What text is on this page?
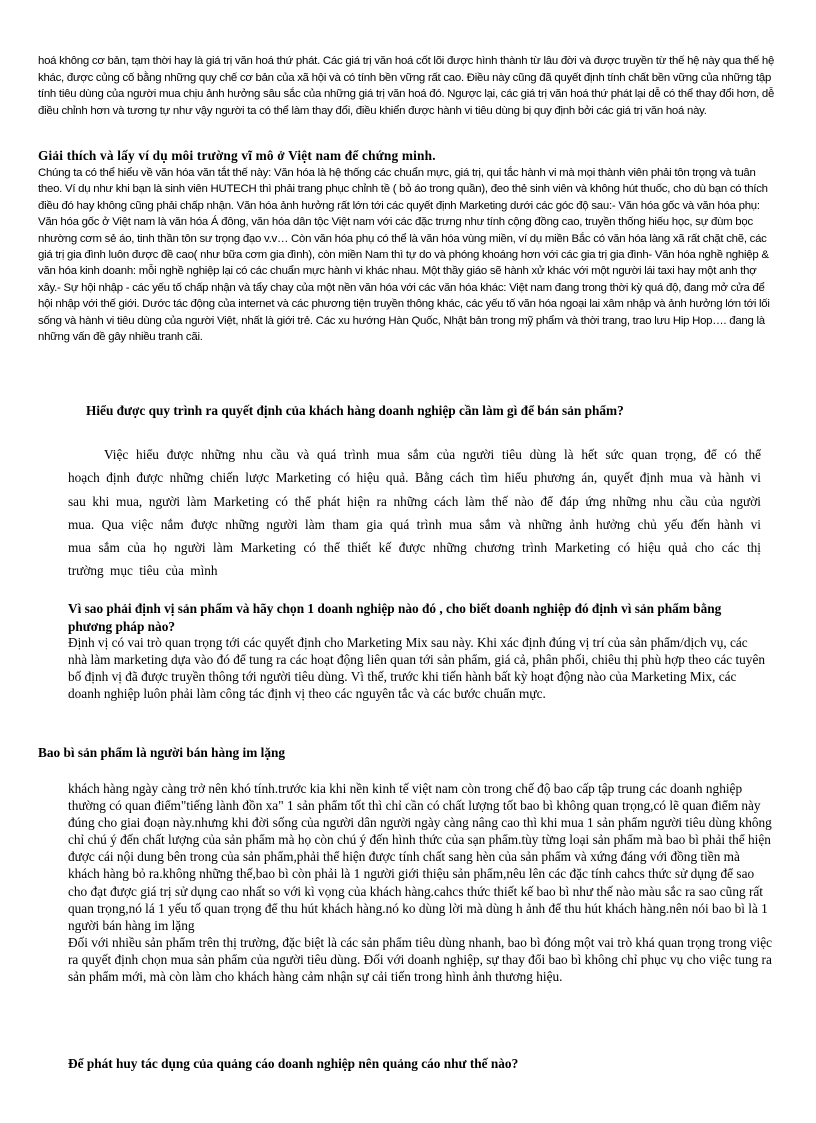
hoá không cơ bản, tạm thời hay là giá trị văn hoá thứ phát. Các giá trị văn hoá cốt lõi được hình thành từ lâu đời và được truyền từ thế hệ này qua thế hệ khác, được củng cố bằng những quy chế cơ bản của xã hội và có tính bền vững rất cao. Điều này cũng đã quyết định tính chất bền vững của những tập tính tiêu dùng của người mua chịu ảnh hưởng sâu sắc của những giá trị văn hoá đó. Ngược lại, các giá trị văn hoá thứ phát lại dễ có thể thay đổi hơn, dễ điều chỉnh hơn và tương tự như vậy người ta có thể làm thay đổi, điều khiển được hành vi tiêu dùng bị quy định bởi các giá trị văn hoá này.

Giải thích và lấy ví dụ môi trường vĩ mô ở Việt nam để chứng minh.

Chúng ta có thể hiểu về văn hóa văn tắt thế này: Văn hóa là hệ thống các chuẩn mực, giá trị, qui tắc hành vi mà mọi thành viên phải tôn trọng và tuân theo. Ví dụ như khi bạn là sinh viên HUTECH thì phải trang phục chỉnh tề ( bỏ áo trong quần), đeo thẻ sinh viên và không hút thuốc, cho dù bạn có thích điều đó hay không cũng phải chấp nhận. Văn hóa ảnh hưởng rất lớn tới các quyết định Marketing dưới các góc độ sau:- Văn hóa gốc và văn hóa phụ: Văn hóa gốc ở Việt nam là văn hóa Á đông, văn hóa dân tộc Việt nam với các đặc trưng như tính cộng đồng cao, truyền thống hiếu học, sự đùm bọc nhường cơm sẻ áo, tinh thần tôn sư trọng đạo v.v… Còn văn hóa phụ có thể là văn hóa vùng miền, ví dụ miền Bắc có văn hóa làng xã rất chặt chẽ, các giá trị gia đình luôn được đề cao( như bữa cơm gia đình), còn miền Nam thì tự do và phóng khoáng hơn với các gia trị gia đình- Văn hóa nghề nghiệp & văn hóa kinh doanh: mỗi nghề nghiệp lại có các chuẩn mực hành vi khác nhau. Một thầy giáo sẽ hành xử khác với một người lái taxi hay một anh thợ xây.- Sự hội nhập - các yếu tố chấp nhận và tẩy chay của một nền văn hóa với các văn hóa khác: Việt nam đang trong thời kỳ quá độ, đang mở cửa để hội nhập với thế giới. Dước tác động của internet và các phương tiện truyền thông khác, các yếu tố văn hóa ngoại lai xâm nhập và ảnh hưởng lớn tới lối sống và hành vi tiêu dùng của người Việt, nhất là giới trẻ. Các xu hướng Hàn Quốc, Nhật bản trong mỹ phẩm và thời trang, trao lưu Hip Hop…. đang là những vấn đề gây nhiều tranh cãi.

Hiểu được quy trình ra quyết định của khách hàng doanh nghiệp cần làm gì để bán sản phẩm?

Việc hiểu được những nhu cầu và quá trình mua sắm của người tiêu dùng là hết sức quan trọng, để có thể hoạch định được những chiến lược Marketing có hiệu quả. Bằng cách tìm hiểu phương án, quyết định mua và hành vi sau khi mua, người làm Marketing có thể phát hiện ra những cách làm thế nào để đáp ứng những nhu cầu của người mua. Qua việc nắm được những người làm tham gia quá trình mua sắm và những ảnh hưởng chủ yếu đến hành vi mua sắm của họ người làm Marketing có thể thiết kế được những chương trình Marketing có hiệu quả cho các thị trường mục tiêu của mình

Vì sao phải định vị sản phẩm và hãy chọn 1 doanh nghiệp nào đó , cho biết doanh nghiệp đó định vì sản phẩm bằng phương pháp nào?

Định vị có vai trò quan trọng tới các quyết định cho Marketing Mix sau này. Khi xác định đúng vị trí của sản phẩm/dịch vụ, các nhà làm marketing dựa vào đó để tung ra các hoạt động liên quan tới sản phẩm, giá cả, phân phối, chiêu thị phù hợp theo các tuyên bố định vị đã được truyền thông tới người tiêu dùng. Vì thế, trước khi tiến hành bất kỳ hoạt động nào của Marketing Mix, các doanh nghiệp luôn phải làm công tác định vị theo các nguyên tắc và các bước chuẩn mực.

Bao bì sản phẩm là người bán hàng im lặng

khách hàng ngày càng trở nên khó tính.trước kia khi nền kinh tế việt nam còn trong chế độ bao cấp tập trung các doanh nghiệp thường có quan điểm"tiếng lành đồn xa" 1 sản phẩm tốt thì chỉ cần có chất lượng tốt bao bì không quan trọng,có lẽ quan điểm này đúng cho giai đoạn này.nhưng khi đời sống của người dân người ngày càng nâng cao thì khi mua 1 sản phẩm người tiêu dùng không chỉ chú ý đến chất lượng của sản phẩm mà họ còn chú ý đến hình thức của sạn phẩm.tùy từng loại sản phẩm mà bao bì phải thể hiện được cái nội dung bên trong của sản phẩm,phải thể hiện được tính chất sang hèn của sản phẩm và xứng đáng với đồng tiền mà khách hàng bỏ ra.không những thế,bao bì còn phải là 1 người giới thiệu sản phẩm,nêu lên các đặc tính cahcs thức sử dụng để sao cho đạt được giá trị sử dụng cao nhất so với kì vọng của khách hàng.cahcs thức thiết kế bao bì như thế nào màu sắc ra sao cũng rất quan trọng,nó lá 1 yếu tố quan trọng để thu hút khách hàng.nó ko dùng lời mà dùng h ảnh để thu hút khách hàng.nên nói bao bì là 1 người bán hàng im lặng

Đối với nhiều sản phẩm trên thị trường, đặc biệt là các sản phẩm tiêu dùng nhanh, bao bì đóng một vai trò khá quan trọng trong việc ra quyết định chọn mua sản phẩm của người tiêu dùng. Đối với doanh nghiệp, sự thay đổi bao bì không chỉ phục vụ cho việc tung ra sản phẩm mới, mà còn làm cho khách hàng cảm nhận sự cải tiến trong hình ảnh thương hiệu.

Để phát huy tác dụng của quảng cáo doanh nghiệp nên quảng cáo như thế nào?
